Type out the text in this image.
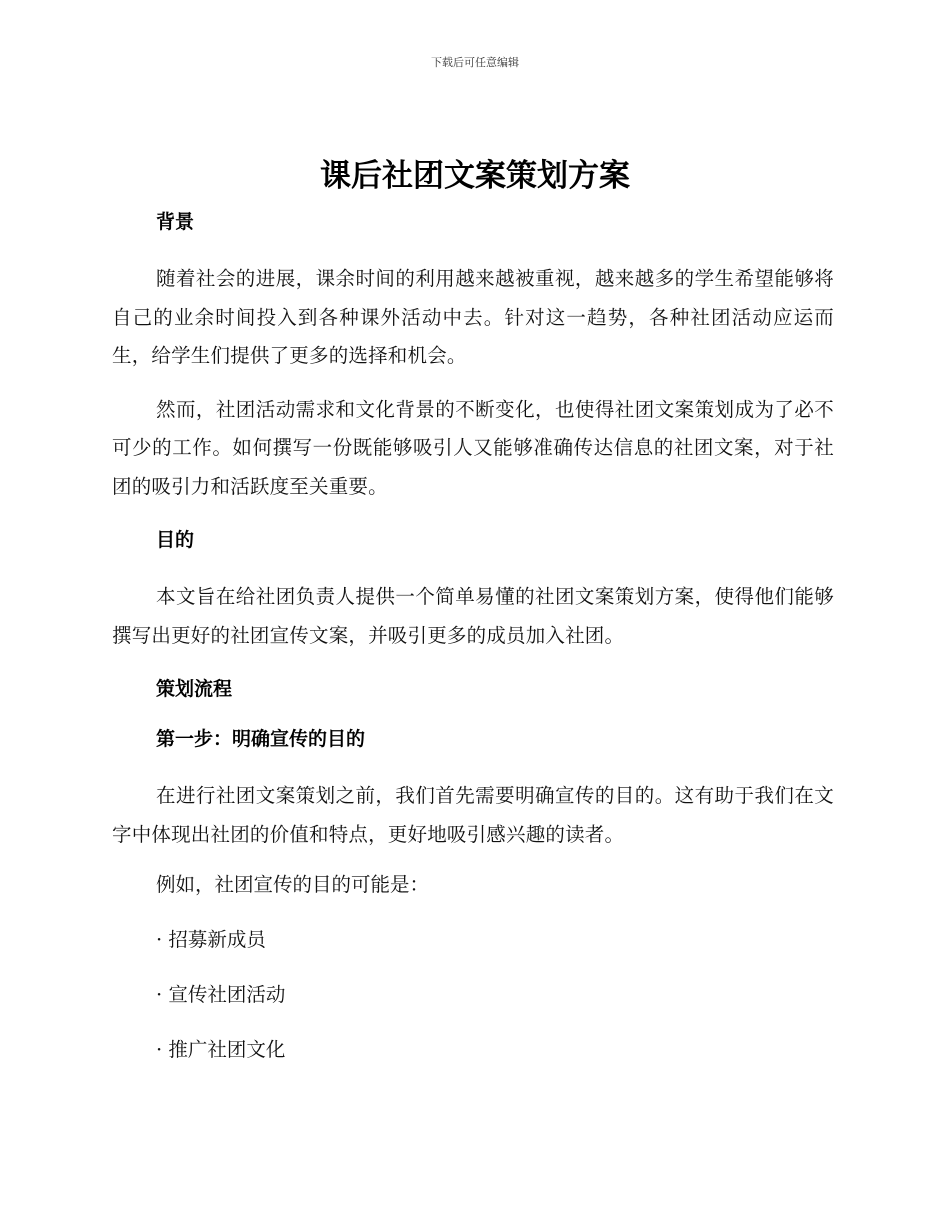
下载后可任意编辑
课后社团文案策划方案

背景

随着社会的进展，课余时间的利用越来越被重视，越来越多的学生希望能够将自己的业余时间投入到各种课外活动中去。针对这一趋势，各种社团活动应运而生，给学生们提供了更多的选择和机会。

然而，社团活动需求和文化背景的不断变化，也使得社团文案策划成为了必不可少的工作。如何撰写一份既能够吸引人又能够准确传达信息的社团文案，对于社团的吸引力和活跃度至关重要。

目的

本文旨在给社团负责人提供一个简单易懂的社团文案策划方案，使得他们能够撰写出更好的社团宣传文案，并吸引更多的成员加入社团。

策划流程

第一步：明确宣传的目的

在进行社团文案策划之前，我们首先需要明确宣传的目的。这有助于我们在文字中体现出社团的价值和特点，更好地吸引感兴趣的读者。

例如，社团宣传的目的可能是：

· 招募新成员

· 宣传社团活动

· 推广社团文化
